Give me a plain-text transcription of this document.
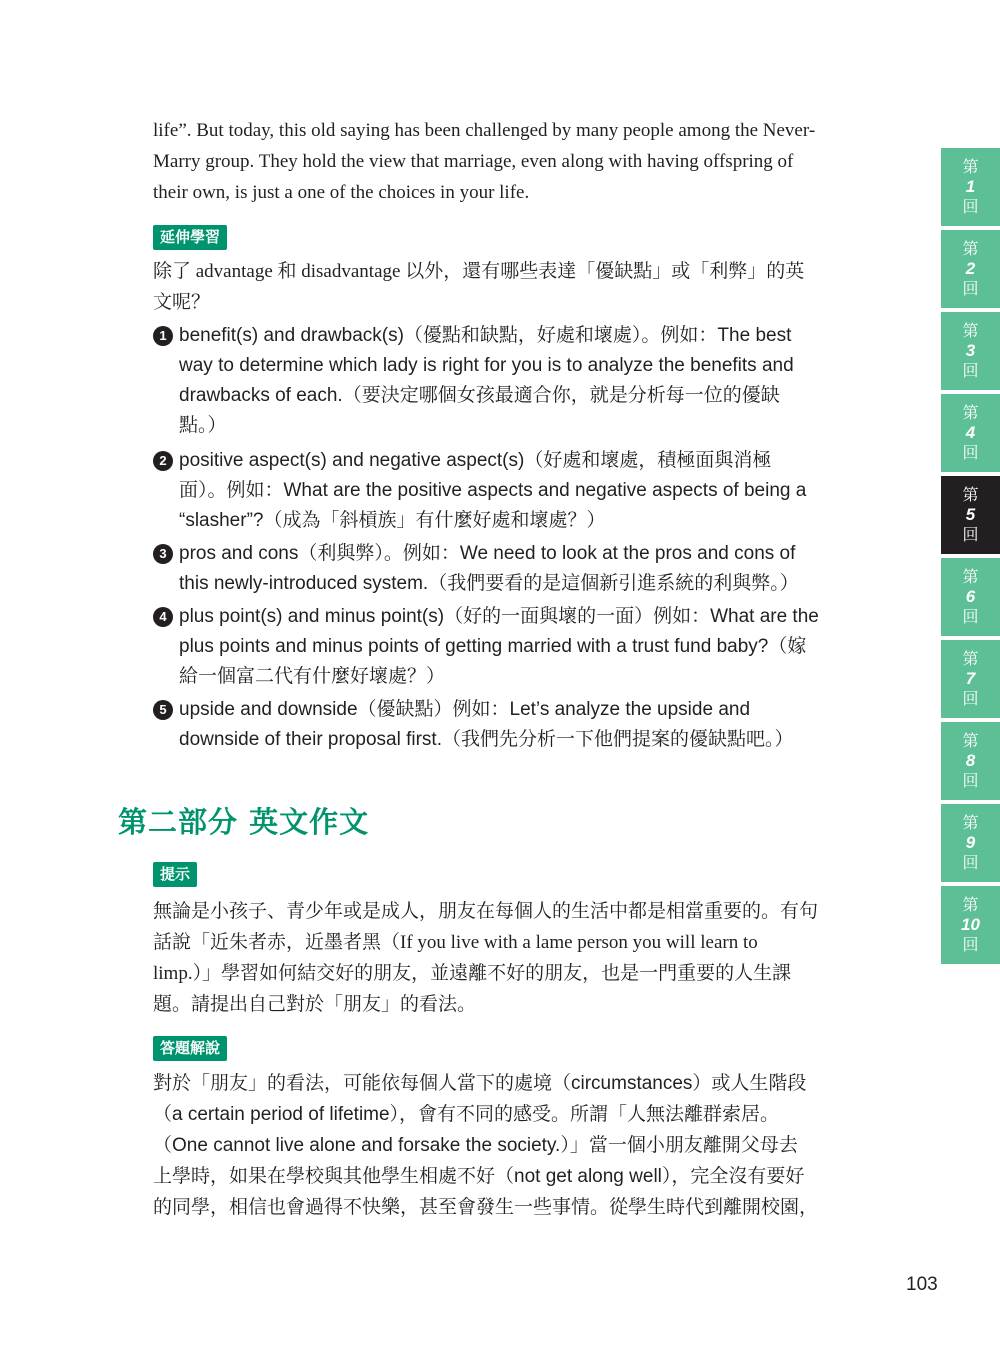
life”. But today, this old saying has been challenged by many people among the Never-
Marry group. They hold the view that marriage, even along with having offspring of
their own, is just a one of the choices in your life.
延伸學習
除了 advantage 和 disadvantage 以外，還有哪些表達「優缺點」或「利弊」的英
文呢？
1 benefit(s) and drawback(s)（優點和缺點，好處和壞處）。例如：The best
way to determine which lady is right for you is to analyze the benefits and
drawbacks of each.（要決定哪個女孩最適合你，就是分析每一位的優缺
點。）
2 positive aspect(s) and negative aspect(s)（好處和壞處，積極面與消極
面）。例如：What are the positive aspects and negative aspects of being a
“slasher”?（成為「斜槓族」有什麼好處和壞處？）
3 pros and cons（利與弊）。例如：We need to look at the pros and cons of
this newly-introduced system.（我們要看的是這個新引進系統的利與弊。）
4 plus point(s) and minus point(s)（好的一面與壞的一面）例如：What are the
plus points and minus points of getting married with a trust fund baby?（嫁
給一個富二代有什麼好壞處？）
5 upside and downside（優缺點）例如：Let’s analyze the upside and
downside of their proposal first.（我們先分析一下他們提案的優缺點吧。）
第二部分 英文作文
提示
無論是小孩子、青少年或是成人，朋友在每個人的生活中都是相當重要的。有句
話說「近朱者赤，近墨者黑（If you live with a lame person you will learn to
limp.）」學習如何結交好的朋友，並遠離不好的朋友，也是一門重要的人生課
題。請提出自己對於「朋友」的看法。
答題解說
對於「朋友」的看法，可能依每個人當下的處境（circumstances）或人生階段
（a certain period of lifetime），會有不同的感受。所謂「人無法離群索居。
（One cannot live alone and forsake the society.）」當一個小朋友離開父母去
上學時，如果在學校與其他學生相處不好（not get along well），完全沒有要好
的同學，相信也會過得不快樂，甚至會發生一些事情。從學生時代到離開校園，
第
1
回
第
2
回
第
3
回
第
4
回
第
5
回
第
6
回
第
7
回
第
8
回
第
9
回
第
10
回
103
